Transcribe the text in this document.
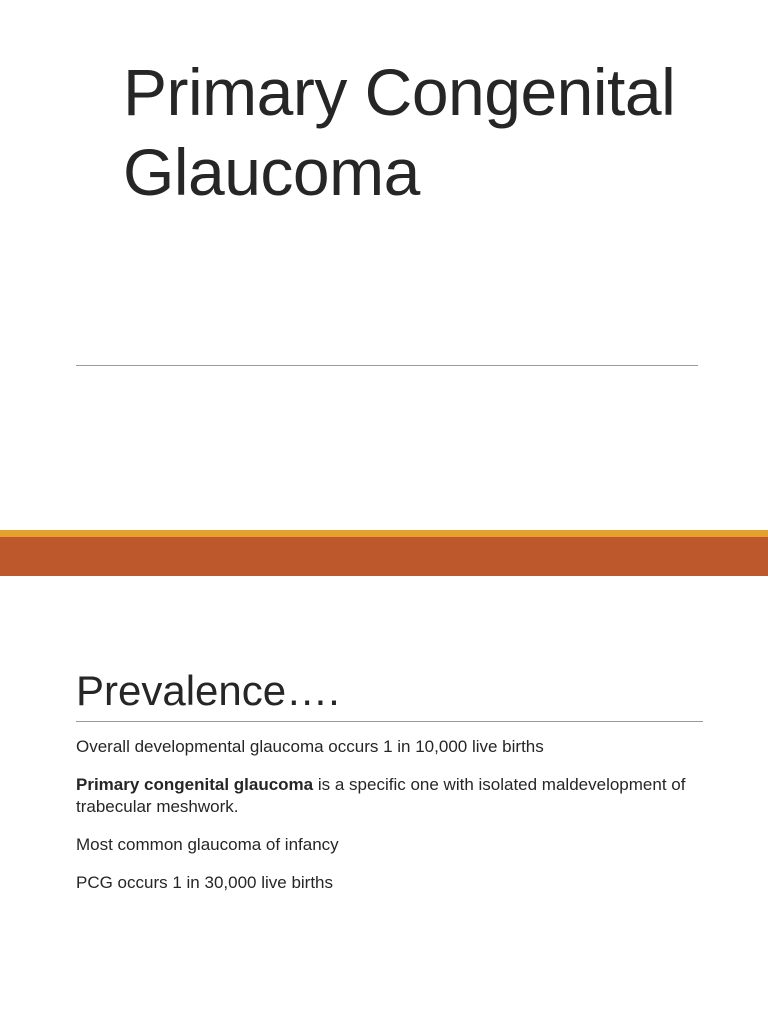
Primary Congenital
Glaucoma
Prevalence….

Overall developmental glaucoma occurs 1 in 10,000 live births

Primary congenital glaucoma is a specific one with isolated maldevelopment of trabecular meshwork.

Most common glaucoma of infancy

PCG occurs 1 in 30,000 live births
